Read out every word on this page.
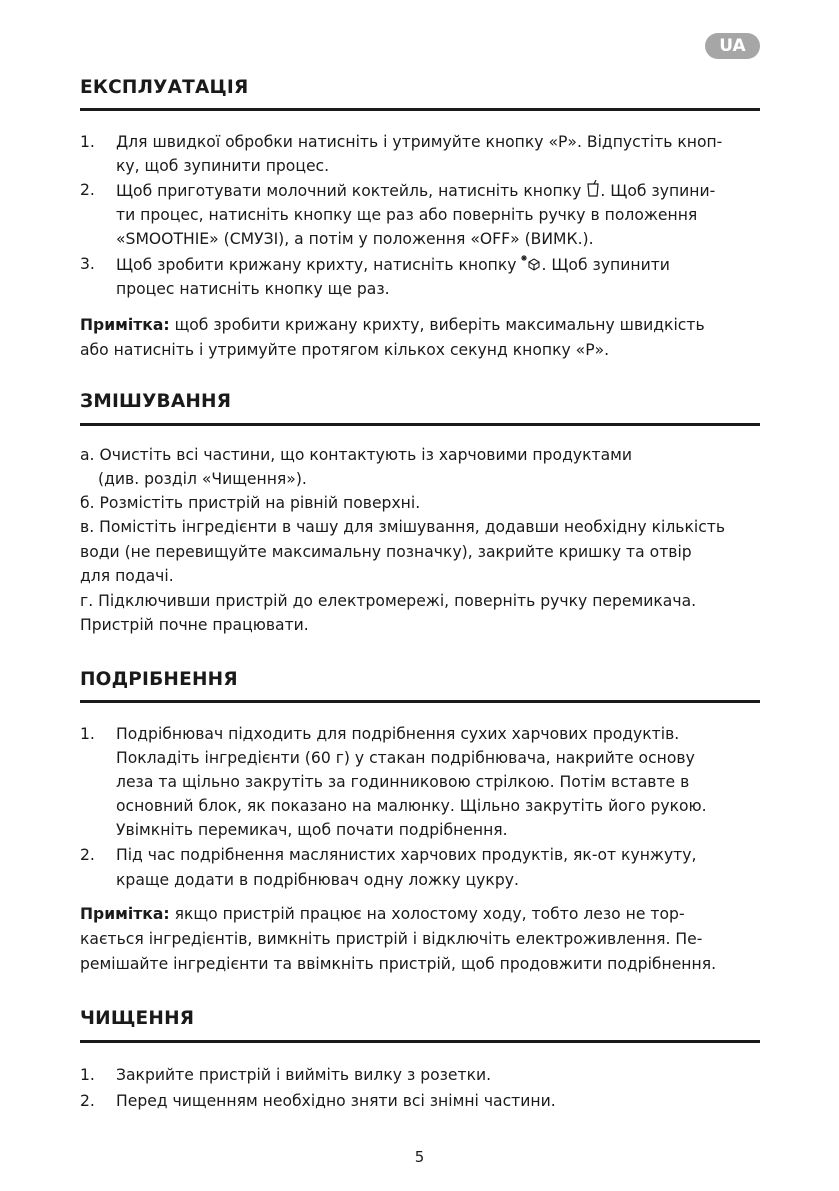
UA
ЕКСПЛУАТАЦІЯ
1. Для швидкої обробки натисніть і утримуйте кнопку «P». Відпустіть кноп-
ку, щоб зупинити процес.
2. Щоб приготувати молочний коктейль, натисніть кнопку . Щоб зупини-
ти процес, натисніть кнопку ще раз або поверніть ручку в положення
«SMOOTHIE» (СМУЗІ), а потім у положення «OFF» (ВИМК.).
3. Щоб зробити крижану крихту, натисніть кнопку . Щоб зупинити
процес натисніть кнопку ще раз.
Примітка: щоб зробити крижану крихту, виберіть максимальну швидкість
або натисніть і утримуйте протягом кількох секунд кнопку «P».
ЗМІШУВАННЯ
а. Очистіть всі частини, що контактують із харчовими продуктами
(див. розділ «Чищення»).
б. Розмістіть пристрій на рівній поверхні.
в. Помістіть інгредієнти в чашу для змішування, додавши необхідну кількість
води (не перевищуйте максимальну позначку), закрийте кришку та отвір
для подачі.
г. Підключивши пристрій до електромережі, поверніть ручку перемикача.
Пристрій почне працювати.
ПОДРІБНЕННЯ
1. Подрібнювач підходить для подрібнення сухих харчових продуктів.
Покладіть інгредієнти (60 г) у стакан подрібнювача, накрийте основу
леза та щільно закрутіть за годинниковою стрілкою. Потім вставте в
основний блок, як показано на малюнку. Щільно закрутіть його рукою.
Увімкніть перемикач, щоб почати подрібнення.
2. Під час подрібнення маслянистих харчових продуктів, як-от кунжуту,
краще додати в подрібнювач одну ложку цукру.
Примітка: якщо пристрій працює на холостому ходу, тобто лезо не тор-
кається інгредієнтів, вимкніть пристрій і відключіть електроживлення. Пе-
ремішайте інгредієнти та ввімкніть пристрій, щоб продовжити подрібнення.
ЧИЩЕННЯ
1. Закрийте пристрій і вийміть вилку з розетки.
2. Перед чищенням необхідно зняти всі знімні частини.
5
